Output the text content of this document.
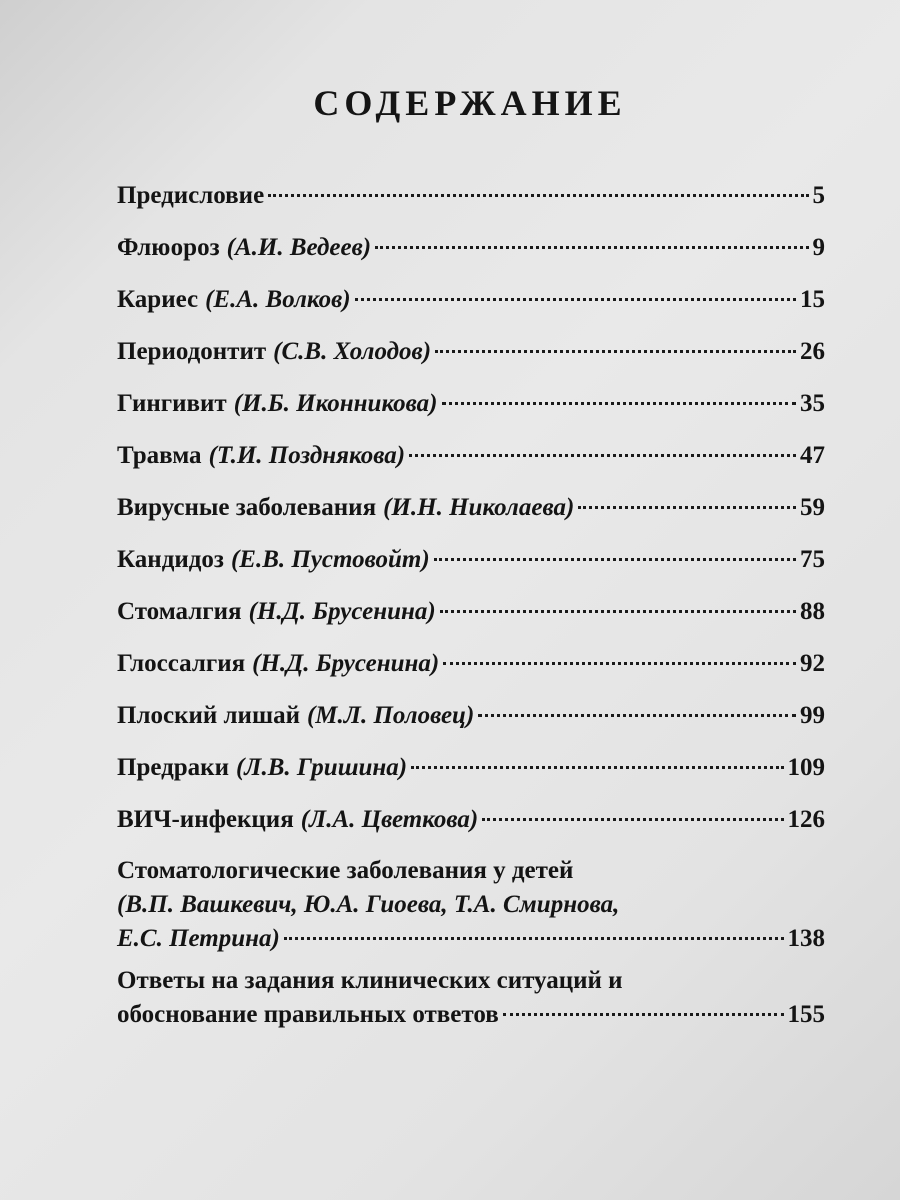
СОДЕРЖАНИЕ
Предисловие	5
Флюороз (А.И. Ведеев)	9
Кариес (Е.А. Волков)	15
Периодонтит (С.В. Холодов)	26
Гингивит (И.Б. Иконникова)	35
Травма (Т.И. Позднякова)	47
Вирусные заболевания (И.Н. Николаева)	59
Кандидоз (Е.В. Пустовойт)	75
Стомалгия (Н.Д. Брусенина)	88
Глоссалгия (Н.Д. Брусенина)	92
Плоский лишай (М.Л. Половец)	99
Предраки (Л.В. Гришина)	109
ВИЧ-инфекция (Л.А. Цветкова)	126
Стоматологические заболевания у детей
(В.П. Вашкевич, Ю.А. Гиоева, Т.А. Смирнова,
Е.С. Петрина)	138
Ответы на задания клинических ситуаций и
обоснование правильных ответов	155
